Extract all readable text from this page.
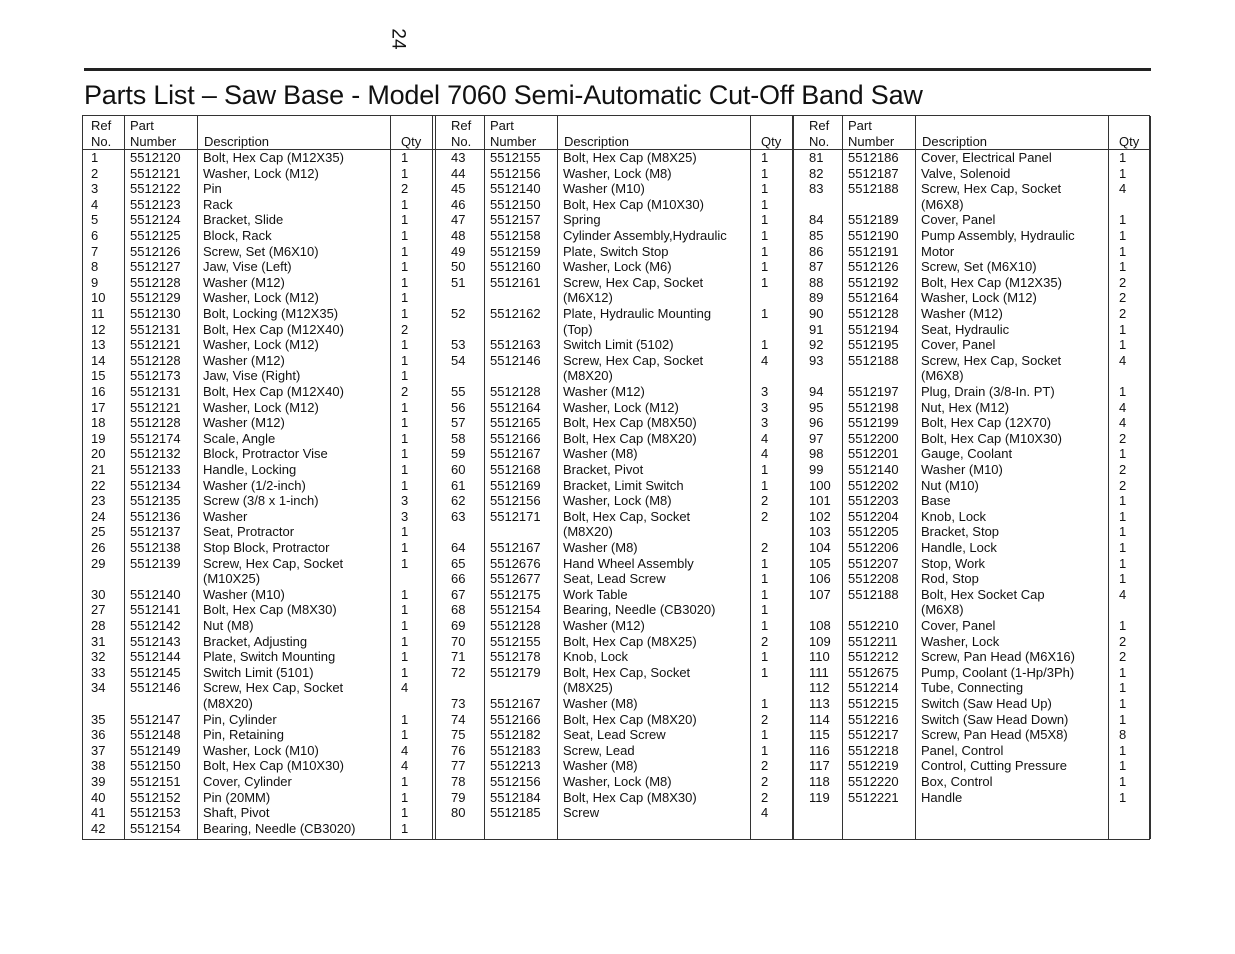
24
Parts List – Saw Base - Model 7060 Semi-Automatic Cut-Off Band Saw
Ref
No.
Part
Number Description	Qty
1 5512120 Bolt, Hex Cap (M12X35)	1
2 5512121 Washer, Lock (M12)	1
3 5512122 Pin	2
4 5512123 Rack	1
5 5512124 Bracket, Slide	1
6 5512125 Block, Rack	1
7 5512126 Screw, Set (M6X10)	1
8 5512127 Jaw, Vise (Left)	1
9 5512128 Washer (M12)	1
10 5512129 Washer, Lock (M12)	1
11 5512130 Bolt, Locking (M12X35)	1
12 5512131 Bolt, Hex Cap (M12X40)	2
13 5512121 Washer, Lock (M12)	1
14 5512128 Washer (M12)	1
15 5512173 Jaw, Vise (Right)	1
16 5512131 Bolt, Hex Cap (M12X40)	2
17 5512121 Washer, Lock (M12)	1
18 5512128 Washer (M12)	1
19 5512174 Scale, Angle	1
20 5512132 Block, Protractor Vise	1
21 5512133 Handle, Locking	1
22 5512134 Washer (1/2-inch)	1
23 5512135 Screw (3/8 x 1-inch)	3
24 5512136 Washer	3
25 5512137 Seat, Protractor	1
26 5512138 Stop Block, Protractor	1
29 5512139 Screw, Hex Cap, Socket	1
(M10X25)
30 5512140 Washer (M10)	1
27 5512141 Bolt, Hex Cap (M8X30)	1
28 5512142 Nut (M8)	1
31 5512143 Bracket, Adjusting	1
32 5512144 Plate, Switch Mounting	1
33 5512145 Switch Limit (5101)	1
34 5512146 Screw, Hex Cap, Socket	4
(M8X20)
35 5512147 Pin, Cylinder	1
36 5512148 Pin, Retaining	1
37 5512149 Washer, Lock (M10)	4
38 5512150 Bolt, Hex Cap (M10X30)	4
39 5512151 Cover, Cylinder	1
40 5512152 Pin (20MM)	1
41 5512153 Shaft, Pivot	1
42 5512154 Bearing, Needle (CB3020)	1
Ref
No.
Part
Number Description	Qty
43 5512155 Bolt, Hex Cap (M8X25)	1
44 5512156 Washer, Lock (M8)	1
45 5512140 Washer (M10)	1
46 5512150 Bolt, Hex Cap (M10X30)	1
47 5512157 Spring	1
48 5512158 Cylinder Assembly,Hydraulic	1
49 5512159 Plate, Switch Stop	1
50 5512160 Washer, Lock (M6)	1
51 5512161 Screw, Hex Cap, Socket	1
(M6X12)
52 5512162 Plate, Hydraulic Mounting	1
(Top)
53 5512163 Switch Limit (5102)	1
54 5512146 Screw, Hex Cap, Socket	4
(M8X20)
55 5512128 Washer (M12)	3
56 5512164 Washer, Lock (M12)	3
57 5512165 Bolt, Hex Cap (M8X50)	3
58 5512166 Bolt, Hex Cap (M8X20)	4
59 5512167 Washer (M8)	4
60 5512168 Bracket, Pivot	1
61 5512169 Bracket, Limit Switch	1
62 5512156 Washer, Lock (M8)	2
63 5512171 Bolt, Hex Cap, Socket	2
(M8X20)
64 5512167 Washer (M8)	2
65 5512676 Hand Wheel Assembly	1
66 5512677 Seat, Lead Screw	1
67 5512175 Work Table	1
68 5512154 Bearing, Needle (CB3020)	1
69 5512128 Washer (M12)	1
70 5512155 Bolt, Hex Cap (M8X25)	2
71 5512178 Knob, Lock	1
72 5512179 Bolt, Hex Cap, Socket	1
(M8X25)
73 5512167 Washer (M8)	1
74 5512166 Bolt, Hex Cap (M8X20)	2
75 5512182 Seat, Lead Screw	1
76 5512183 Screw, Lead	1
77 5512213 Washer (M8)	2
78 5512156 Washer, Lock (M8)	2
79 5512184 Bolt, Hex Cap (M8X30)	2
80 5512185 Screw	4
Ref
No.
Part
Number Description	Qty
81 5512186 Cover, Electrical Panel	1
82 5512187 Valve, Solenoid	1
83 5512188 Screw, Hex Cap, Socket	4
(M6X8)
84 5512189 Cover, Panel	1
85 5512190 Pump Assembly, Hydraulic	1
86 5512191 Motor	1
87 5512126 Screw, Set (M6X10)	1
88 5512192 Bolt, Hex Cap (M12X35)	2
89 5512164 Washer, Lock (M12)	2
90 5512128 Washer (M12)	2
91 5512194 Seat, Hydraulic	1
92 5512195 Cover, Panel	1
93 5512188 Screw, Hex Cap, Socket	4
(M6X8)
94 5512197 Plug, Drain (3/8-In. PT)	1
95 5512198 Nut, Hex (M12)	4
96 5512199 Bolt, Hex Cap (12X70)	4
97 5512200 Bolt, Hex Cap (M10X30)	2
98 5512201 Gauge, Coolant	1
99 5512140 Washer (M10)	2
100 5512202 Nut (M10)	2
101 5512203 Base	1
102 5512204 Knob, Lock	1
103 5512205 Bracket, Stop	1
104 5512206 Handle, Lock	1
105 5512207 Stop, Work	1
106 5512208 Rod, Stop	1
107 5512188 Bolt, Hex Socket Cap	4
(M6X8)
108 5512210 Cover, Panel	1
109 5512211 Washer, Lock	2
110 5512212 Screw, Pan Head (M6X16)	2
111 5512675 Pump, Coolant (1-Hp/3Ph)	1
112 5512214 Tube, Connecting	1
113 5512215 Switch (Saw Head Up)	1
114 5512216 Switch (Saw Head Down)	1
115 5512217 Screw, Pan Head (M5X8)	8
116 5512218 Panel, Control	1
117 5512219 Control, Cutting Pressure	1
118 5512220 Box, Control	1
119 5512221 Handle	1
